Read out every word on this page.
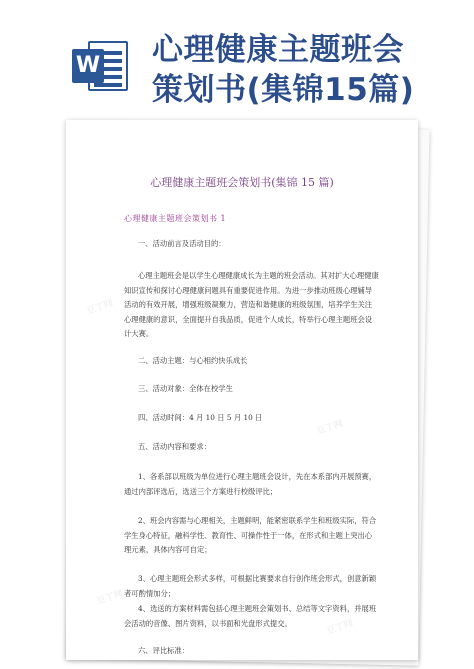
W 心理健康主题班会
策划书(集锦15篇)
豆丁网
豆丁网
豆丁网
豆丁网
心理健康主题班会策划书(集锦 15 篇)
心理健康主题班会策划书 1
一、活动前言及活动目的：
心理主题班会是以学生心理健康成长为主题的班会活动。其对扩大心理健康知识宣传和探讨心理健康问题具有重要促进作用。为进一步推动班级心理辅导活动的有效开展，增强班级凝聚力，营造和谐健康的班级氛围，培养学生关注心理健康的意识，全面提升自我品质，促进个人成长，特举行心理主题班会设计大赛。
二、活动主题：与心相约快乐成长
三、活动对象：全体在校学生
四、活动时间：4 月 10 日 5 月 10 日
五、活动内容和要求：
1、各系部以班级为单位进行心理主题班会设计，先在本系部内开展预赛，通过内部评选后，选送三个方案进行校级评比；
2、班会内容需与心理相关，主题鲜明，能紧密联系学生和班级实际，符合学生身心特征，融科学性、教育性、可操作性于一体，在形式和主题上突出心理元素，具体内容可自定；
3、心理主题班会形式多样，可根据比赛要求自行创作班会形式，创意新颖者可酌情加分；
4、选送的方案材料需包括心理主题班会策划书、总结等文字资料，并展班会活动的音像、图片资料，以书面和光盘形式提交。
六、评比标准：
